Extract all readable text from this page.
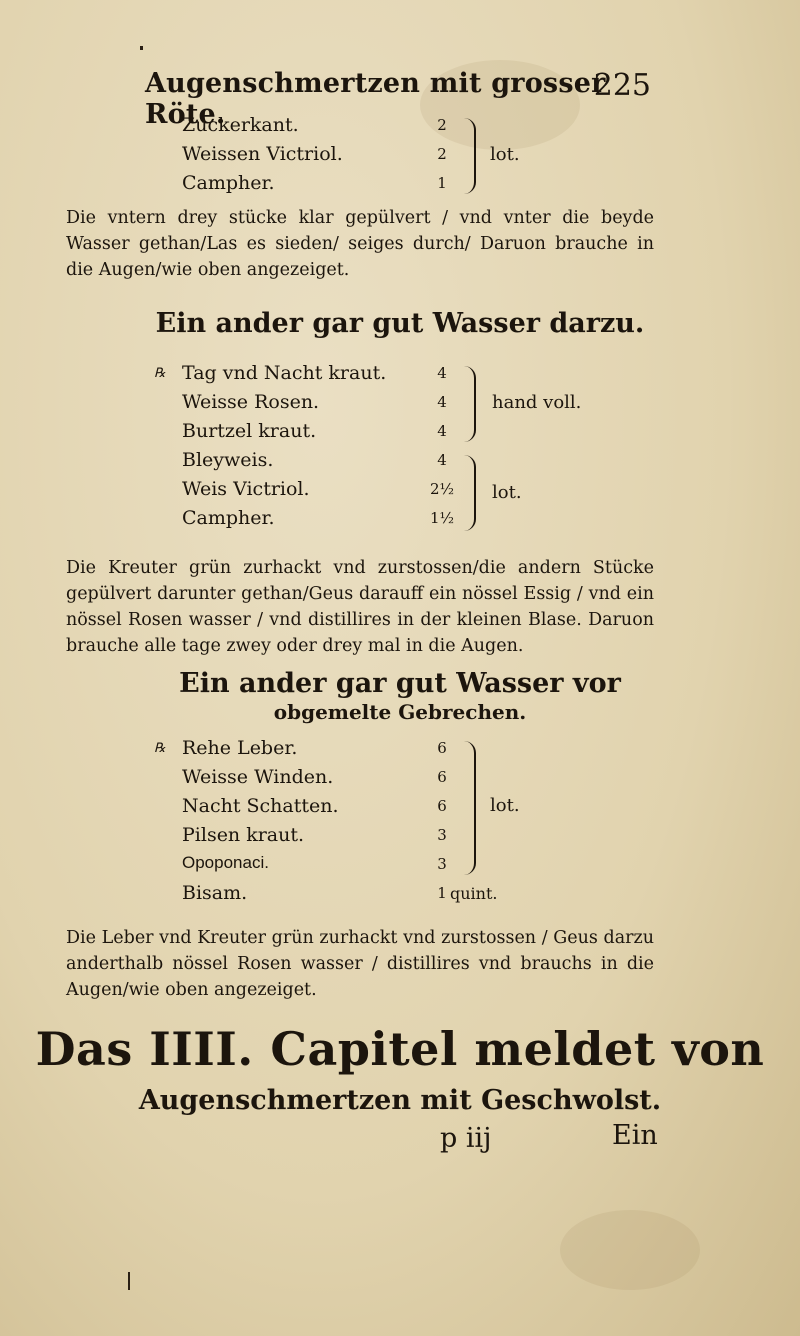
Augenschmertzen mit grosser Röte.
225
Zuckerkant.	2
Weissen Victriol.	2
Campher.	1
lot.

Die vntern drey stücke klar gepülvert / vnd vnter die beyde Wasser gethan/Las es sieden/ seiges durch/ Daruon brauche in die Augen/wie oben angezeiget.

Ein ander gar gut Wasser darzu.
℞ Tag vnd Nacht kraut.	4
Weisse Rosen.	4
Burtzel kraut.	4
Bleyweis.	4
Weis Victriol.	2½
Campher.	1½
hand voll.
lot.

Die Kreuter grün zurhackt vnd zurstossen/die andern Stücke gepülvert darunter gethan/Geus darauff ein nössel Essig / vnd ein nössel Rosen wasser / vnd distillires in der kleinen Blase. Daruon brauche alle tage zwey oder drey mal in die Augen.

Ein ander gar gut Wasser vor
obgemelte Gebrechen.
℞ Rehe Leber.	6
Weisse Winden.	6
Nacht Schatten.	6
Pilsen kraut.	3
Opoponaci.	3
Bisam.	1 quint.
lot.

Die Leber vnd Kreuter grün zurhackt vnd zurstossen / Geus darzu anderthalb nössel Rosen wasser / distillires vnd brauchs in die Augen/wie oben angezeiget.

Das IIII. Capitel meldet von
Augenschmertzen mit Geschwolst.
p iij	Ein
